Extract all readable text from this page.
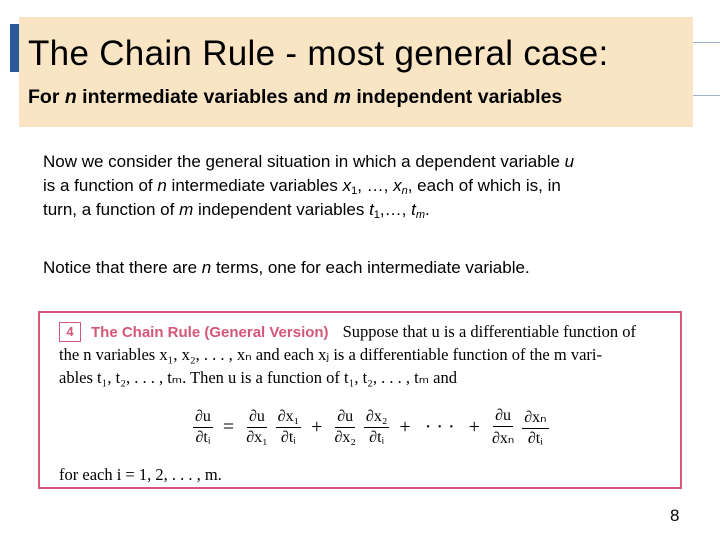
The Chain Rule - most general case:
For n intermediate variables and m independent variables
Now we consider the general situation in which a dependent variable u
is a function of n intermediate variables $x_1$, …, $x_n$, each of which is, in
turn, a function of m independent variables $t_1,\dots$, $t_m$.
Notice that there are n terms, one for each intermediate variable.
4 The Chain Rule (General Version) Suppose that u is a differentiable function of
the n variables x₁, x₂, . . . , xₙ and each xⱼ is a differentiable function of the m vari-
ables t₁, t₂, . . . , tₘ. Then u is a function of t₁, t₂, . . . , tₘ and
$\frac{\partial u}{\text{∂tᵢ}} = \frac{\partial u}{\text{∂x₁}} \frac{\text{∂x₁}}{\text{∂tᵢ}} + \frac{\partial u}{\text{∂x₂}} \frac{\text{∂x₂}}{\text{∂tᵢ}}$ + · · · + $\frac{\partial u}{\text{∂xₙ}} \frac{\text{∂xₙ}}{\text{∂tᵢ}}$
for each i = 1, 2, . . . , m.
8
